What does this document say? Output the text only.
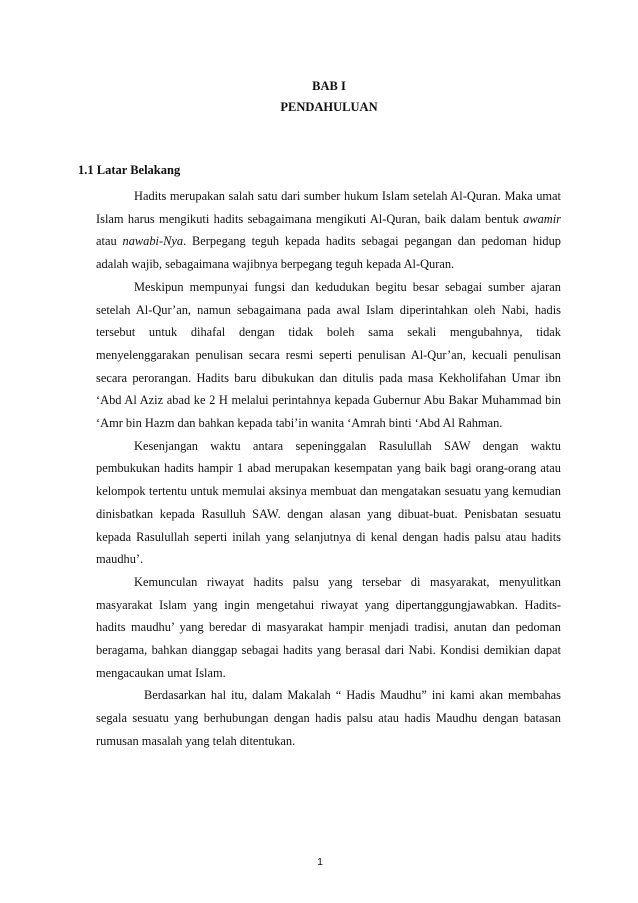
BAB I
PENDAHULUAN
1.1 Latar Belakang

Hadits merupakan salah satu dari sumber hukum Islam setelah Al-Quran. Maka umat Islam harus mengikuti hadits sebagaimana mengikuti Al-Quran, baik dalam bentuk awamir atau nawabi-Nya. Berpegang teguh kepada hadits sebagai pegangan dan pedoman hidup adalah wajib, sebagaimana wajibnya berpegang teguh kepada Al-Quran.

Meskipun mempunyai fungsi dan kedudukan begitu besar sebagai sumber ajaran setelah Al-Qur’an, namun sebagaimana pada awal Islam diperintahkan oleh Nabi, hadis tersebut untuk dihafal dengan tidak boleh sama sekali mengubahnya, tidak menyelenggarakan penulisan secara resmi seperti penulisan Al-Qur’an, kecuali penulisan secara perorangan. Hadits baru dibukukan dan ditulis pada masa Kekholifahan Umar ibn ‘Abd Al Aziz abad ke 2 H melalui perintahnya kepada Gubernur Abu Bakar Muhammad bin ‘Amr bin Hazm dan bahkan kepada tabi’in wanita ‘Amrah binti ‘Abd Al Rahman.

Kesenjangan waktu antara sepeninggalan Rasulullah SAW dengan waktu pembukukan hadits hampir 1 abad merupakan kesempatan yang baik bagi orang-orang atau kelompok tertentu untuk memulai aksinya membuat dan mengatakan sesuatu yang kemudian dinisbatkan kepada Rasulluh SAW. dengan alasan yang dibuat-buat. Penisbatan sesuatu kepada Rasulullah seperti inilah yang selanjutnya di kenal dengan hadis palsu atau hadits maudhu’.

Kemunculan riwayat hadits palsu yang tersebar di masyarakat, menyulitkan masyarakat Islam yang ingin mengetahui riwayat yang dipertanggungjawabkan. Hadits-hadits maudhu’ yang beredar di masyarakat hampir menjadi tradisi, anutan dan pedoman beragama, bahkan dianggap sebagai hadits yang berasal dari Nabi. Kondisi demikian dapat mengacaukan umat Islam.

Berdasarkan hal itu, dalam Makalah “ Hadis Maudhu” ini kami akan membahas segala sesuatu yang berhubungan dengan hadis palsu atau hadis Maudhu dengan batasan rumusan masalah yang telah ditentukan.

1
